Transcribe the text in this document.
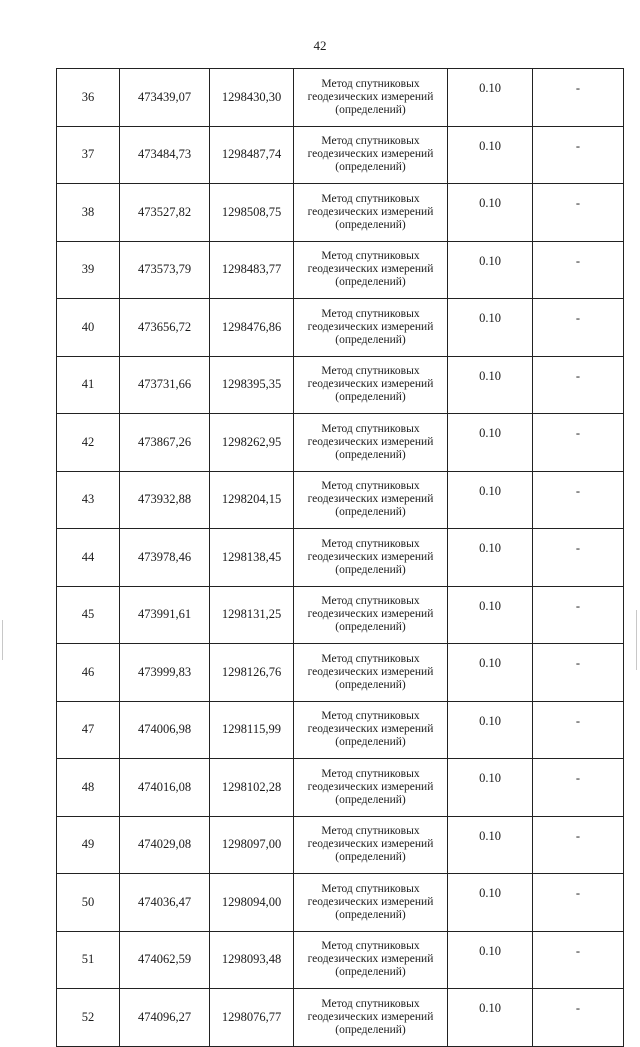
42
36	473439,07	1298430,30	Метод спутниковых
геодезических измерений
(определений)	0.10	-
37	473484,73	1298487,74	Метод спутниковых
геодезических измерений
(определений)	0.10	-
38	473527,82	1298508,75	Метод спутниковых
геодезических измерений
(определений)	0.10	-
39	473573,79	1298483,77	Метод спутниковых
геодезических измерений
(определений)	0.10	-
40	473656,72	1298476,86	Метод спутниковых
геодезических измерений
(определений)	0.10	-
41	473731,66	1298395,35	Метод спутниковых
геодезических измерений
(определений)	0.10	-
42	473867,26	1298262,95	Метод спутниковых
геодезических измерений
(определений)	0.10	-
43	473932,88	1298204,15	Метод спутниковых
геодезических измерений
(определений)	0.10	-
44	473978,46	1298138,45	Метод спутниковых
геодезических измерений
(определений)	0.10	-
45	473991,61	1298131,25	Метод спутниковых
геодезических измерений
(определений)	0.10	-
46	473999,83	1298126,76	Метод спутниковых
геодезических измерений
(определений)	0.10	-
47	474006,98	1298115,99	Метод спутниковых
геодезических измерений
(определений)	0.10	-
48	474016,08	1298102,28	Метод спутниковых
геодезических измерений
(определений)	0.10	-
49	474029,08	1298097,00	Метод спутниковых
геодезических измерений
(определений)	0.10	-
50	474036,47	1298094,00	Метод спутниковых
геодезических измерений
(определений)	0.10	-
51	474062,59	1298093,48	Метод спутниковых
геодезических измерений
(определений)	0.10	-
52	474096,27	1298076,77	Метод спутниковых
геодезических измерений
(определений)	0.10	-
